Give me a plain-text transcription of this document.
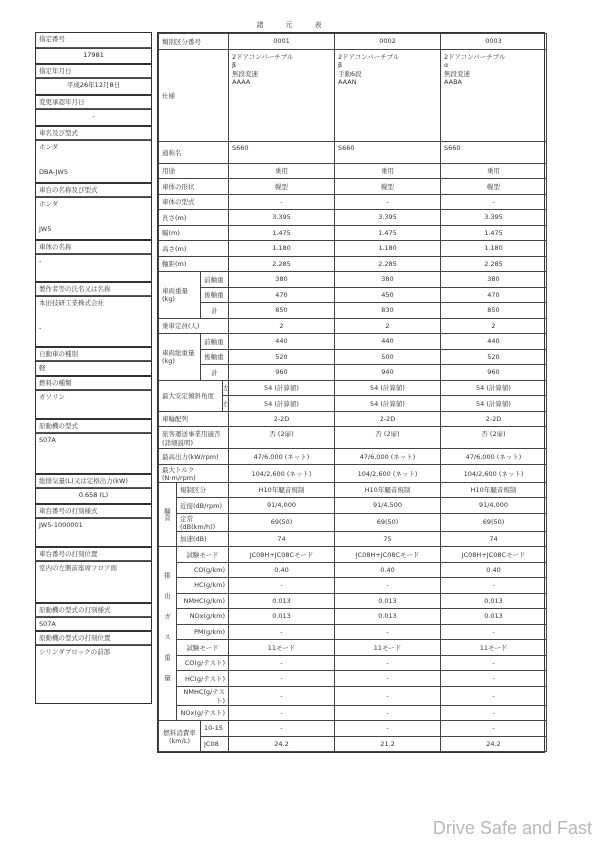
諸元表
指定番号
17981
指定年月日
平成26年12月8日
変更承認年月日
-
車名及び型式
ホンダ
DBA-JW5
車台の名称及び型式
ホンダ
JW5
車体の名称
-
製作者等の氏名又は名称
本田技研工業株式会社
-
自動車の種別
軽
燃料の種類
ガソリン
原動機の型式
S07A
総排気量(L)又は定格出力(kW)
0.658 (L)
車台番号の打刻様式
JW5-1000001
車台番号の打刻位置
室内の左側前座席フロア面
原動機の型式の打刻様式
S07A
原動機の型式の打刻位置
シリンダブロックの前部
類別区分番号				0001	0002	0003
仕様	
2ドアコンバーチブル
β
無段変速
AAAA

2ドアコンバーチブル
β
手動6段
AAAN

2ドアコンバーチブル
α
無段変速
AABA

通称名				S660	S660	S660
用途				乗用	乗用	乗用
車体の形状				幌型	幌型	幌型
車体の型式				-	-	-
長さ(m)				3.395	3.395	3.395
幅(m)				1.475	1.475	1.475
高さ(m)				1.180	1.180	1.180
軸距(m)				2.285	2.285	2.285
車両重量
(kg)		前軸重		380	380	380
		後軸重		470	450	470
		計		850	830	850
乗車定員(人)				2	2	2
車両総重量
(kg)		前軸重		440	440	440
		後軸重		520	500	520
		計		960	940	960
最大安定傾斜角度			左	54 (計算値)	54 (計算値)	54 (計算値)
			右	54 (計算値)	54 (計算値)	54 (計算値)
車輪配列				2-2D	2-2D	2-2D
旅客運送事業用適否(詳細説明)				否 (2扉)	否 (2扉)	否 (2扉)
最高出力(kW/rpm)				47/6,000 (ネット)	47/6,000 (ネット)	47/6,000 (ネット)
最大トルク(N·m/rpm)				104/2,600 (ネット)	104/2,600 (ネット)	104/2,600 (ネット)
騒音	規制区分			H10年騒音規制	H10年騒音規制	H10年騒音規制
	近接(dB/rpm)			91/4,000	91/4,500	91/4,000
	定常(dB(km/h))			69(50)	69(50)	69(50)
	加速(dB)			74	75	74
排出ガス重量	試験モード			JC08H+JC08Cモード	JC08H+JC08Cモード	JC08H+JC08Cモード
	CO(g/km)			0.40	0.40	0.40
	HC(g/km)			-	-	-
	NMHC(g/km)			0.013	0.013	0.013
	NOx(g/km)			0.013	0.013	0.013
	PM(g/km)			-	-	-
	試験モード			11モード	11モード	11モード
	CO(g/テスト)			-	-	-
	HC(g/テスト)			-	-	-
	NMHC(g/テスト)			-	-	-
	NOx(g/テスト)			-	-	-
燃料消費率
(km/L)		10-15		-	-	-
		JC08		24.2	21.2	24.2
Drive Safe and Fast
